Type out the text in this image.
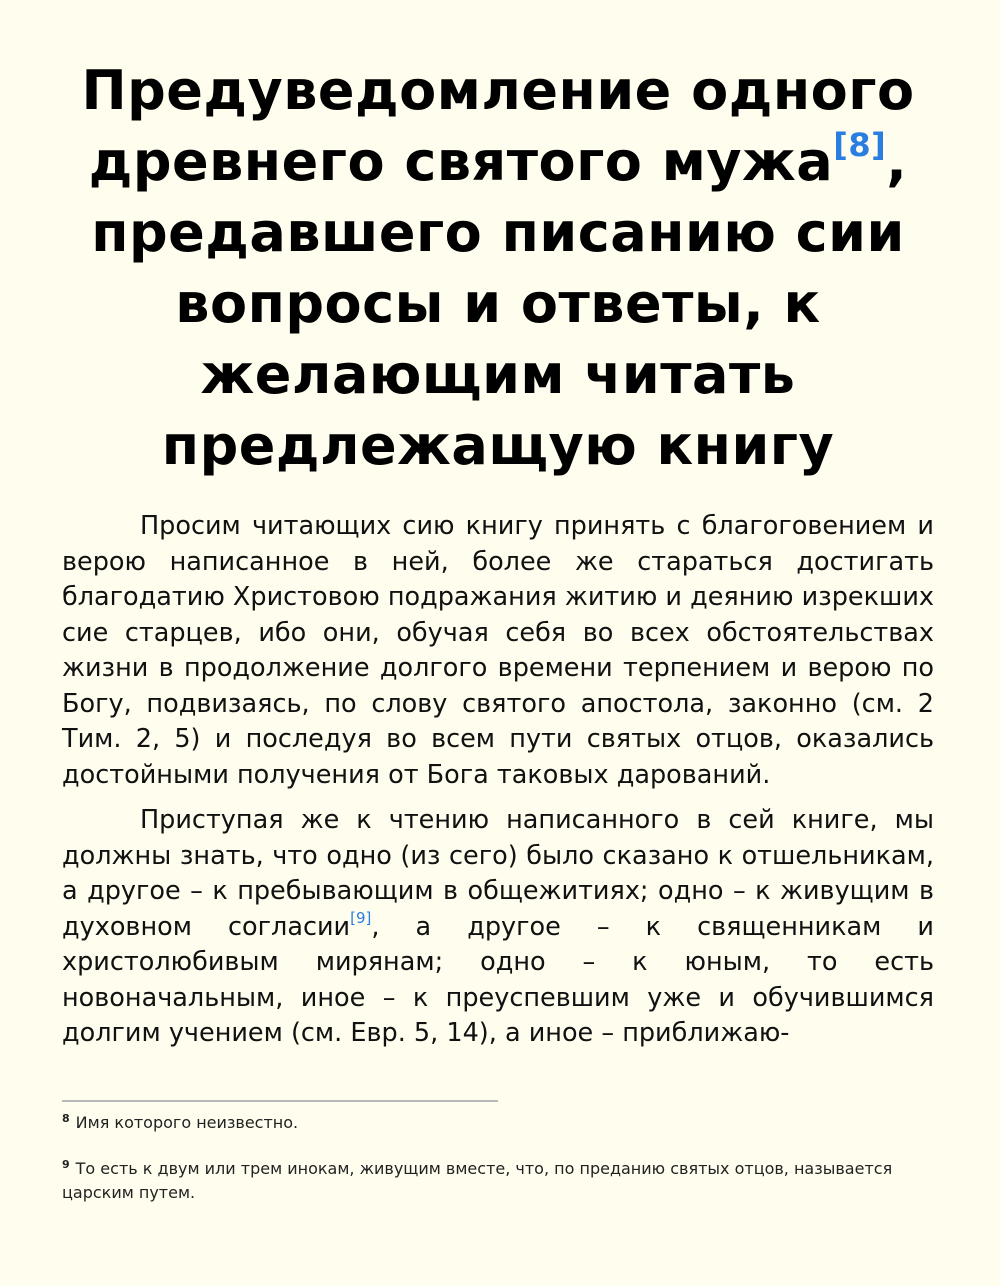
Предуведомление одного
древнего святого мужа[8], предавшего писанию сии вопросы и ответы, к желающим читать предлежащую книгу

Просим читающих сию книгу принять с благоговением и верою написанное в ней, более же стараться достигать благодатию Христовою подражания житию и деянию изрекших сие старцев, ибо они, обучая себя во всех обстоятельствах жизни в продолжение долгого времени терпением и верою по Богу, подвизаясь, по слову святого апостола, законно (см. 2 Тим. 2, 5) и последуя во всем пути святых отцов, оказались достойными получения от Бога таковых дарований.

Приступая же к чтению написанного в сей книге, мы должны знать, что одно (из сего) было сказано к отшельникам, а другое – к пребывающим в общежитиях; одно – к живущим в духовном согласии[9], а другое – к священникам и христолюбивым мирянам; одно – к юным, то есть новоначальным, иное – к преуспевшим уже и обучившимся долгим учением (см. Евр. 5, 14), а иное – приближаю-

$^8$ Имя которого неизвестно.
$^9$ То есть к двум или трем инокам, живущим вместе, что, по преданию святых отцов, называется царским путем.
